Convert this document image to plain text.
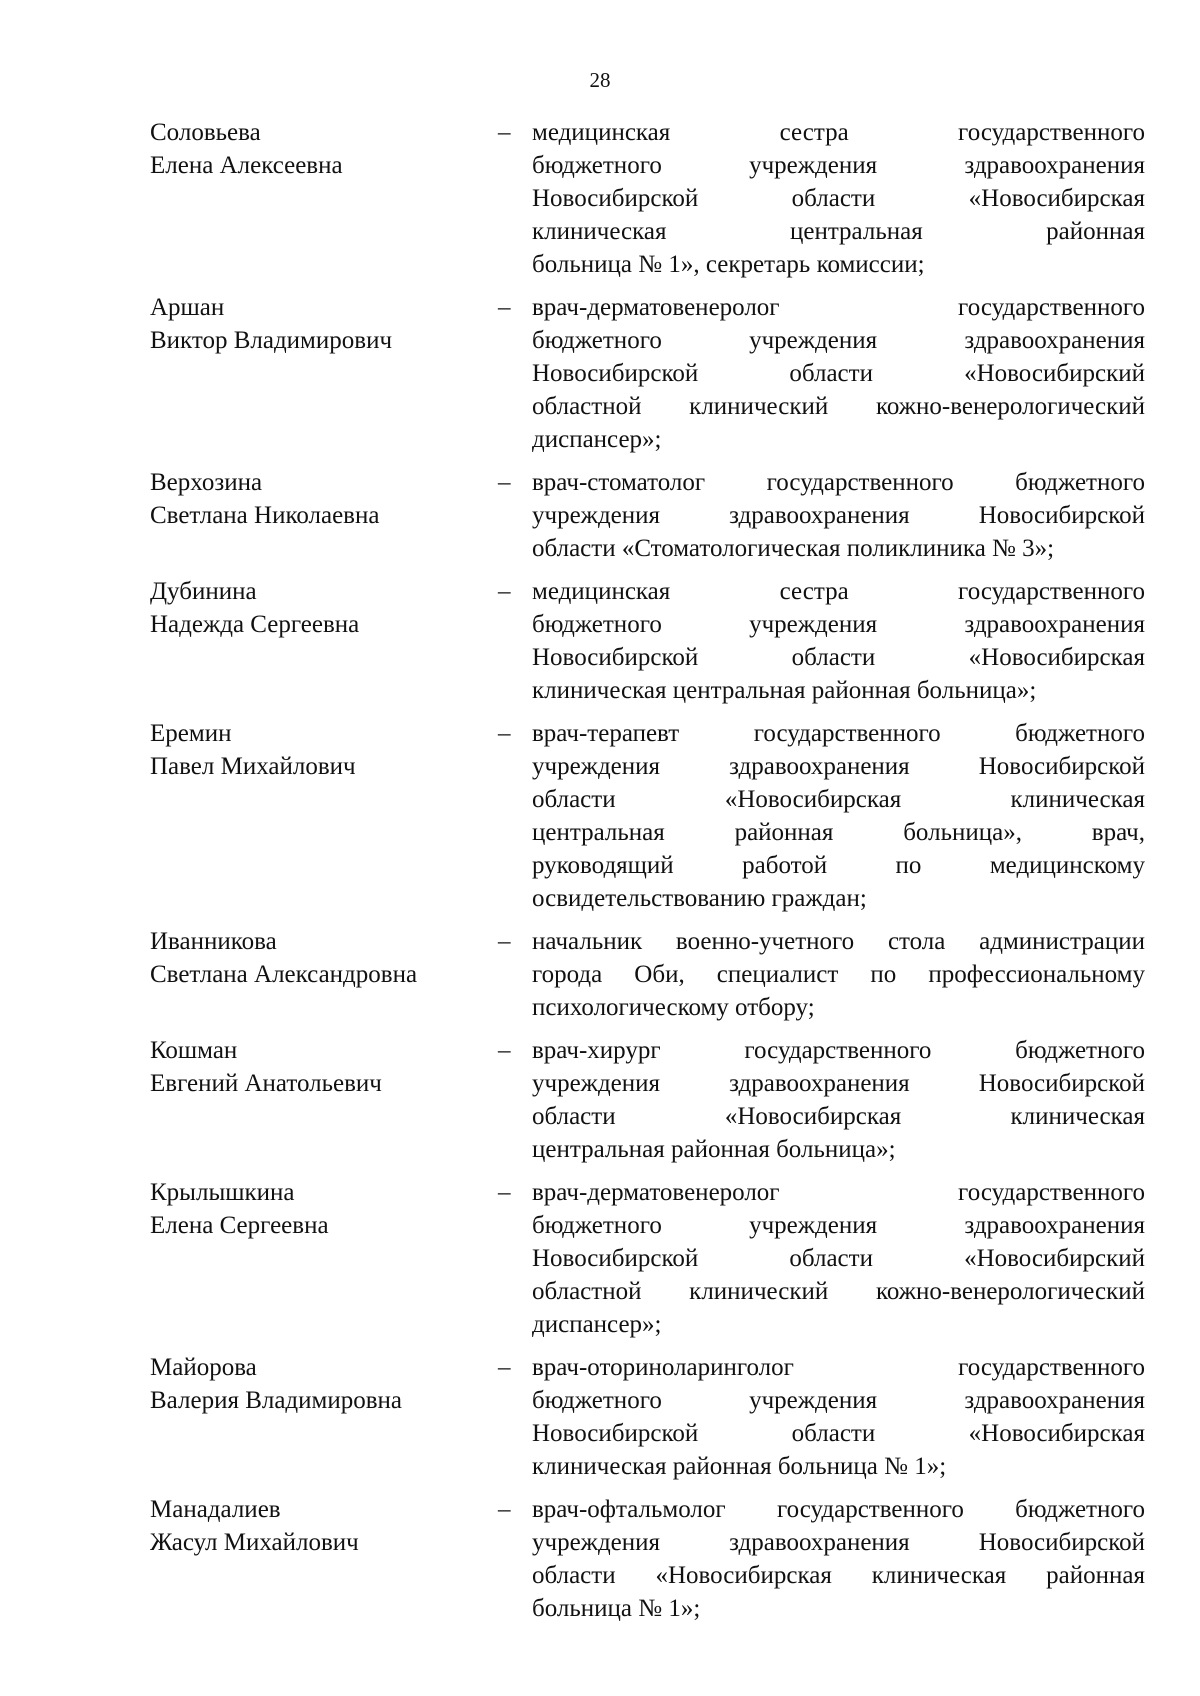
28
Соловьева
Елена Алексеевна
– медицинская сестра государственного
бюджетного учреждения здравоохранения
Новосибирской области «Новосибирская
клиническая центральная районная
больница № 1», секретарь комиссии;
Аршан
Виктор Владимирович
– врач-дерматовенеролог государственного
бюджетного учреждения здравоохранения
Новосибирской области «Новосибирский
областной клинический кожно-венерологический
диспансер»;
Верхозина
Светлана Николаевна
– врач-стоматолог государственного бюджетного
учреждения здравоохранения Новосибирской
области «Стоматологическая поликлиника № 3»;
Дубинина
Надежда Сергеевна
– медицинская сестра государственного
бюджетного учреждения здравоохранения
Новосибирской области «Новосибирская
клиническая центральная районная больница»;
Еремин
Павел Михайлович
– врач-терапевт государственного бюджетного
учреждения здравоохранения Новосибирской
области «Новосибирская клиническая
центральная районная больница», врач,
руководящий работой по медицинскому
освидетельствованию граждан;
Иванникова
Светлана Александровна
– начальник военно-учетного стола администрации
города Оби, специалист по профессиональному
психологическому отбору;
Кошман
Евгений Анатольевич
– врач-хирург государственного бюджетного
учреждения здравоохранения Новосибирской
области «Новосибирская клиническая
центральная районная больница»;
Крылышкина
Елена Сергеевна
– врач-дерматовенеролог государственного
бюджетного учреждения здравоохранения
Новосибирской области «Новосибирский
областной клинический кожно-венерологический
диспансер»;
Майорова
Валерия Владимировна
– врач-оториноларинголог государственного
бюджетного учреждения здравоохранения
Новосибирской области «Новосибирская
клиническая районная больница № 1»;
Манадалиев
Жасул Михайлович
– врач-офтальмолог государственного бюджетного
учреждения здравоохранения Новосибирской
области «Новосибирская клиническая районная
больница № 1»;
